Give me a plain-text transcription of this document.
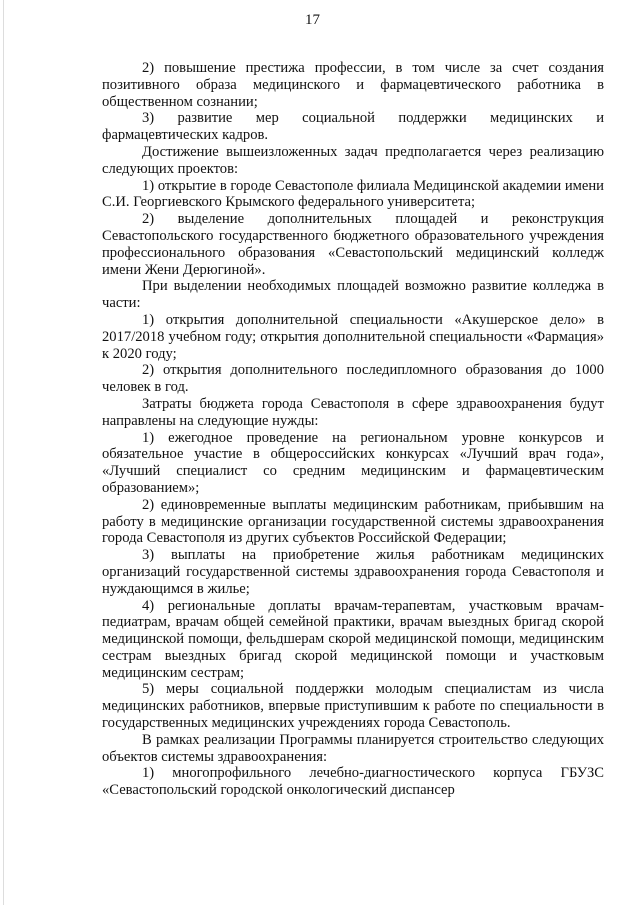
17

2) повышение престижа профессии, в том числе за счет создания позитивного образа медицинского и фармацевтического работника в общественном сознании;

3) развитие мер социальной поддержки медицинских и фармацевтических кадров.

Достижение вышеизложенных задач предполагается через реализацию следующих проектов:

1) открытие в городе Севастополе филиала Медицинской академии имени С.И. Георгиевского Крымского федерального университета;

2) выделение дополнительных площадей и реконструкция Севастопольского государственного бюджетного образовательного учреждения профессионального образования «Севастопольский медицинский колледж имени Жени Дерюгиной».

При выделении необходимых площадей возможно развитие колледжа в части:

1) открытия дополнительной специальности «Акушерское дело» в 2017/2018 учебном году; открытия дополнительной специальности «Фармация» к 2020 году;

2) открытия дополнительного последипломного образования до 1000 человек в год.

Затраты бюджета города Севастополя в сфере здравоохранения будут направлены на следующие нужды:

1) ежегодное проведение на региональном уровне конкурсов и обязательное участие в общероссийских конкурсах «Лучший врач года», «Лучший специалист со средним медицинским и фармацевтическим образованием»;

2) единовременные выплаты медицинским работникам, прибывшим на работу в медицинские организации государственной системы здравоохранения города Севастополя из других субъектов Российской Федерации;

3) выплаты на приобретение жилья работникам медицинских организаций государственной системы здравоохранения города Севастополя и нуждающимся в жилье;

4) региональные доплаты врачам-терапевтам, участковым врачам-педиатрам, врачам общей семейной практики, врачам выездных бригад скорой медицинской помощи, фельдшерам скорой медицинской помощи, медицинским сестрам выездных бригад скорой медицинской помощи и участковым медицинским сестрам;

5) меры социальной поддержки молодым специалистам из числа медицинских работников, впервые приступившим к работе по специальности в государственных медицинских учреждениях города Севастополь.

В рамках реализации Программы планируется строительство следующих объектов системы здравоохранения:

1) многопрофильного лечебно-диагностического корпуса ГБУЗС «Севастопольский городской онкологический диспансер
